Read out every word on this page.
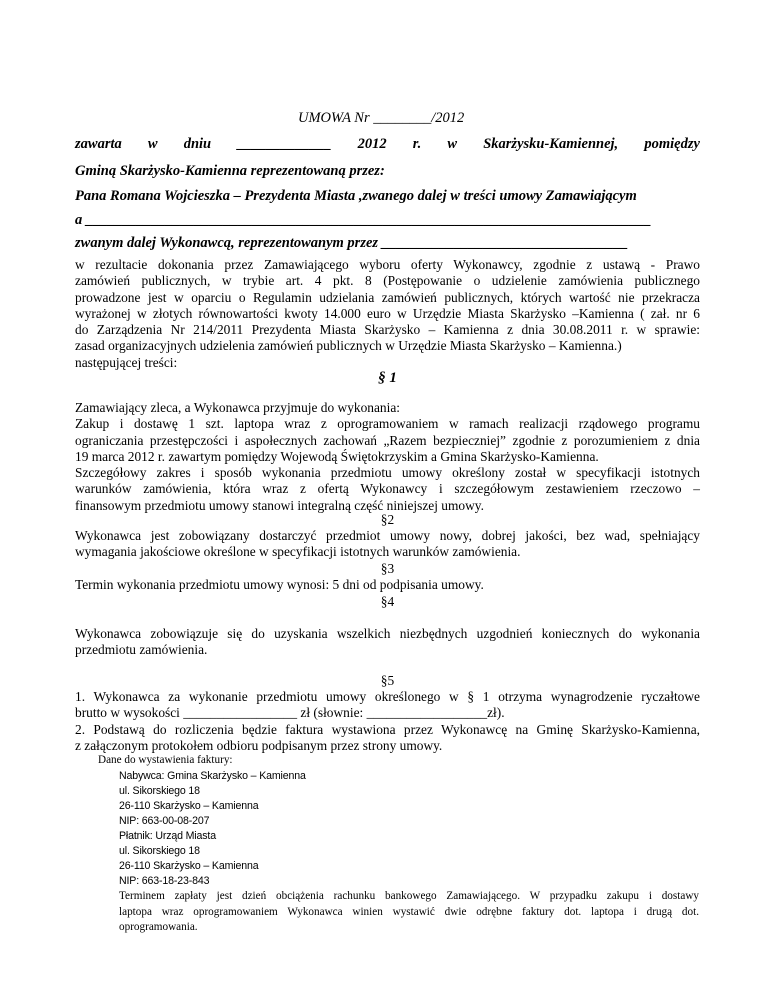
UMOWA Nr ________/2012
zawarta w dniu _____________ 2012 r. w Skarżysku-Kamiennej, pomiędzy
Gminą Skarżysko-Kamienna reprezentowaną przez:
Pana Romana Wojcieszka – Prezydenta Miasta ,zwanego dalej w treści umowy Zamawiającym
a ______________________________________________________________________________
zwanym dalej Wykonawcą, reprezentowanym przez __________________________________
w rezultacie dokonania przez Zamawiającego wyboru oferty Wykonawcy, zgodnie z ustawą - Prawo
zamówień publicznych, w trybie art. 4 pkt. 8 (Postępowanie o udzielenie zamówienia publicznego
prowadzone jest w oparciu o Regulamin udzielania zamówień publicznych, których wartość nie przekracza
wyrażonej w złotych równowartości kwoty 14.000 euro w Urzędzie Miasta Skarżysko –Kamienna ( zał. nr 6
do Zarządzenia Nr 214/2011 Prezydenta Miasta Skarżysko – Kamienna z dnia 30.08.2011 r. w sprawie:
zasad organizacyjnych udzielenia zamówień publicznych w Urzędzie Miasta Skarżysko – Kamienna.)
następującej treści:
§ 1
Zamawiający zleca, a Wykonawca przyjmuje do wykonania:
Zakup i dostawę 1 szt. laptopa wraz z oprogramowaniem w ramach realizacji rządowego programu
ograniczania przestępczości i aspołecznych zachowań „Razem bezpieczniej” zgodnie z porozumieniem z dnia
19 marca 2012 r. zawartym pomiędzy Wojewodą Świętokrzyskim a Gmina Skarżysko-Kamienna.
Szczegółowy zakres i sposób wykonania przedmiotu umowy określony został w specyfikacji istotnych
warunków zamówienia, która wraz z ofertą Wykonawcy i szczegółowym zestawieniem rzeczowo –
finansowym przedmiotu umowy stanowi integralną część niniejszej umowy.
§2
Wykonawca jest zobowiązany dostarczyć przedmiot umowy nowy, dobrej jakości, bez wad, spełniający
wymagania jakościowe określone w specyfikacji istotnych warunków zamówienia.
§3
Termin wykonania przedmiotu umowy wynosi: 5 dni od podpisania umowy.
§4
Wykonawca zobowiązuje się do uzyskania wszelkich niezbędnych uzgodnień koniecznych do wykonania
przedmiotu zamówienia.
§5
1. Wykonawca za wykonanie przedmiotu umowy określonego w § 1 otrzyma wynagrodzenie ryczałtowe
brutto w wysokości _________________ zł (słownie: __________________zł).
2. Podstawą do rozliczenia będzie faktura wystawiona przez Wykonawcę na Gminę Skarżysko-Kamienna,
z załączonym protokołem odbioru podpisanym przez strony umowy.
Dane do wystawienia faktury:
Nabywca: Gmina Skarżysko – Kamienna
ul. Sikorskiego 18
26-110 Skarżysko – Kamienna
NIP: 663-00-08-207
Płatnik: Urząd Miasta
ul. Sikorskiego 18
26-110 Skarżysko – Kamienna
NIP: 663-18-23-843
Terminem zapłaty jest dzień obciążenia rachunku bankowego Zamawiającego. W przypadku zakupu i dostawy
laptopa wraz oprogramowaniem Wykonawca winien wystawić dwie odrębne faktury dot. laptopa i drugą dot.
oprogramowania.
